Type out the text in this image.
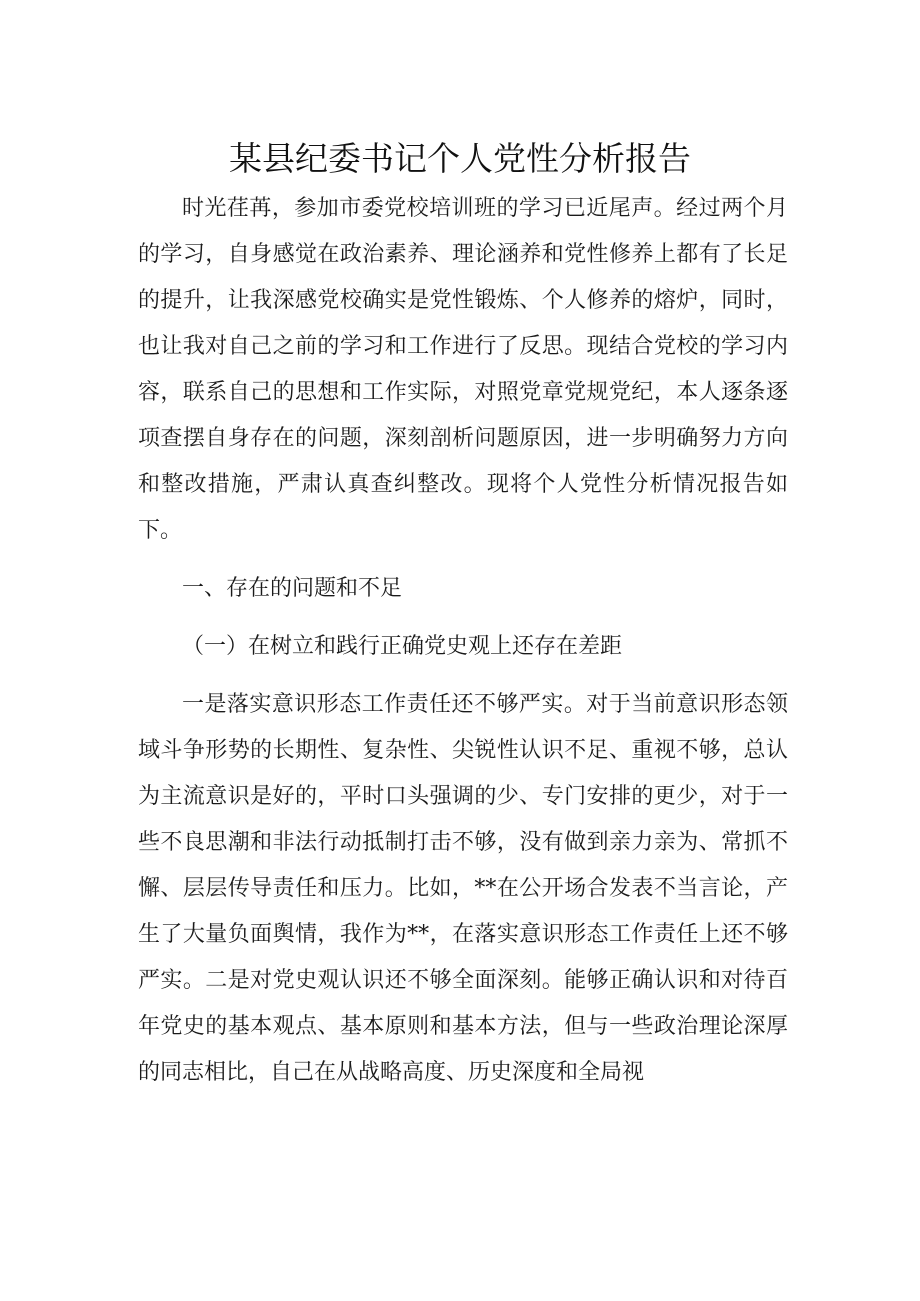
某县纪委书记个人党性分析报告

时光荏苒，参加市委党校培训班的学习已近尾声。经过两个月的学习，自身感觉在政治素养、理论涵养和党性修养上都有了长足的提升，让我深感党校确实是党性锻炼、个人修养的熔炉，同时，也让我对自己之前的学习和工作进行了反思。现结合党校的学习内容，联系自己的思想和工作实际，对照党章党规党纪，本人逐条逐项查摆自身存在的问题，深刻剖析问题原因，进一步明确努力方向和整改措施，严肃认真查纠整改。现将个人党性分析情况报告如下。

一、存在的问题和不足

（一）在树立和践行正确党史观上还存在差距

一是落实意识形态工作责任还不够严实。对于当前意识形态领域斗争形势的长期性、复杂性、尖锐性认识不足、重视不够，总认为主流意识是好的，平时口头强调的少、专门安排的更少，对于一些不良思潮和非法行动抵制打击不够，没有做到亲力亲为、常抓不懈、层层传导责任和压力。比如，**在公开场合发表不当言论，产生了大量负面舆情，我作为**，在落实意识形态工作责任上还不够严实。二是对党史观认识还不够全面深刻。能够正确认识和对待百年党史的基本观点、基本原则和基本方法，但与一些政治理论深厚的同志相比，自己在从战略高度、历史深度和全局视
